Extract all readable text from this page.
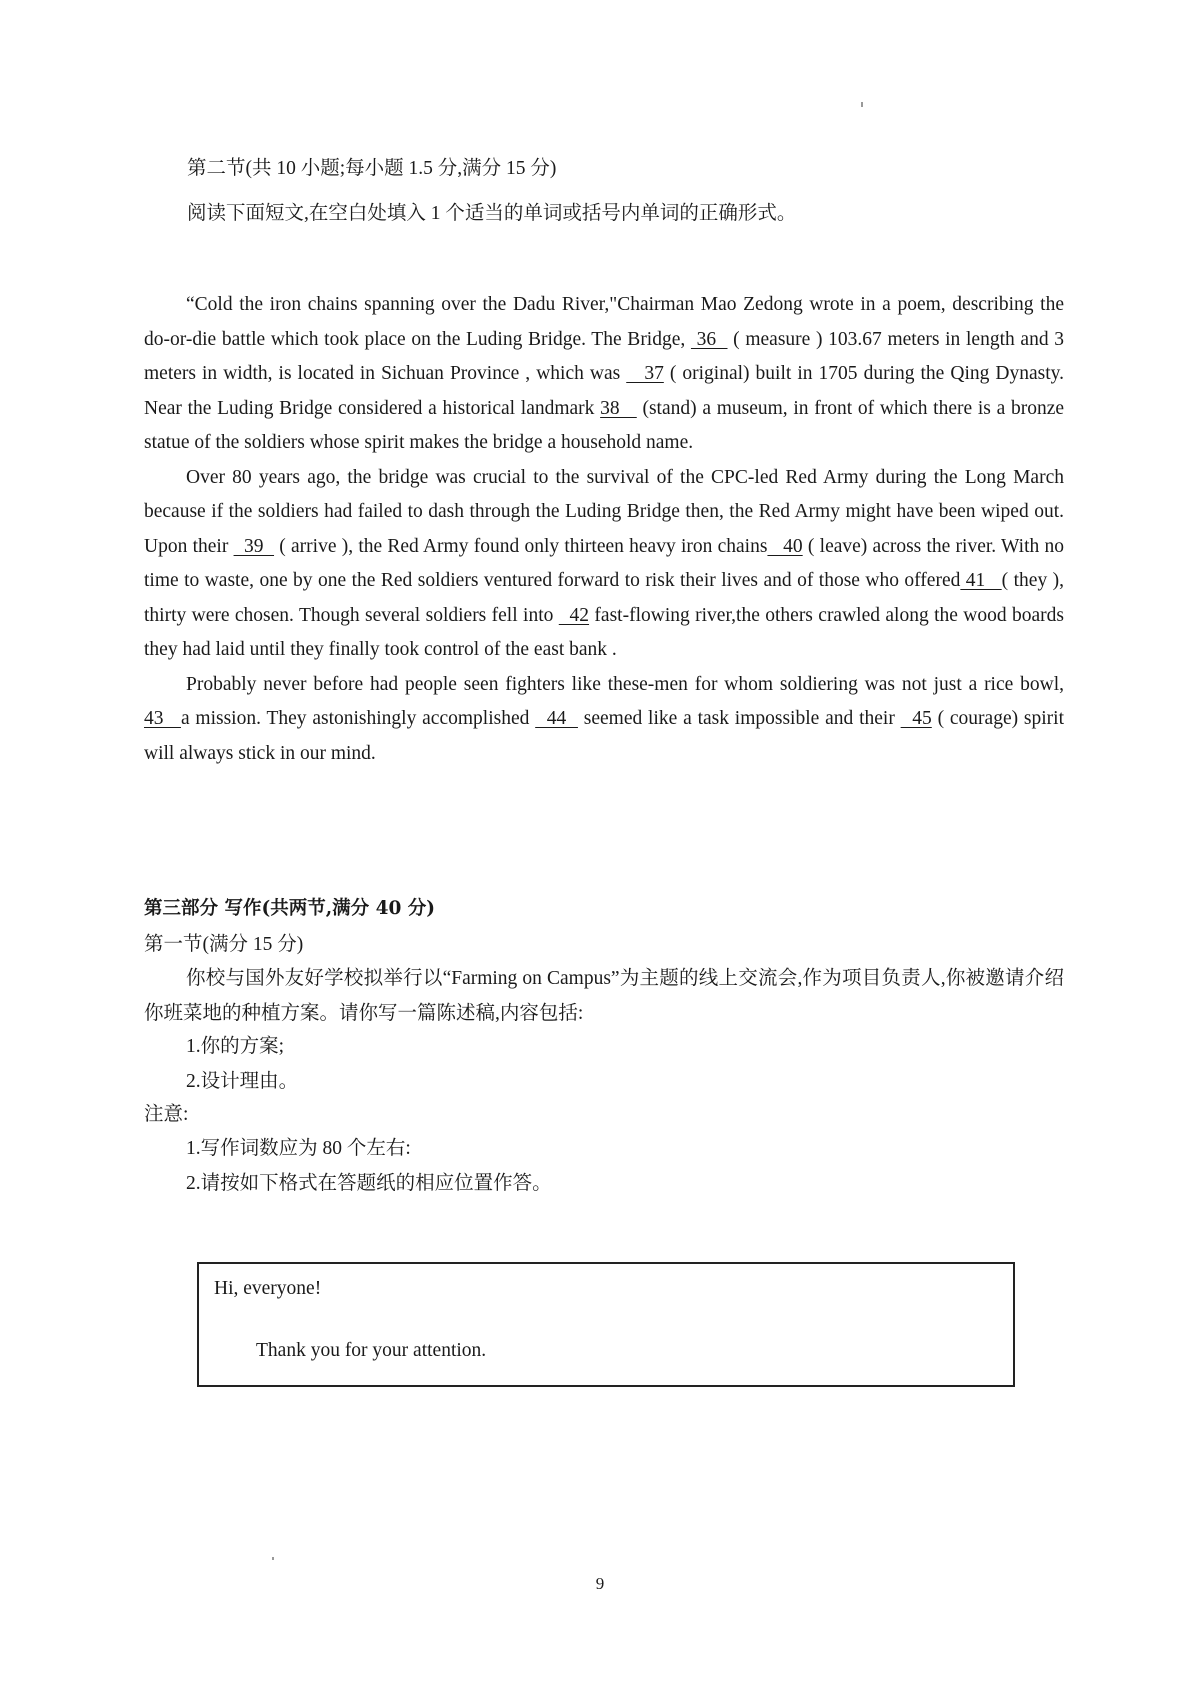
第二节(共 10 小题;每小题 1.5 分,满分 15 分)

阅读下面短文,在空白处填入 1 个适当的单词或括号内单词的正确形式。

“Cold the iron chains spanning over the Dadu River,"Chairman Mao Zedong wrote in a poem, describing the do-or-die battle which took place on the Luding Bridge. The Bridge,  36   ( measure ) 103.67 meters in length and 3 meters in width, is located in Sichuan Province , which was    37 ( original) built in 1705 during the Qing Dynasty. Near the Luding Bridge considered a historical landmark 38    (stand) a museum, in front of which there is a bronze statue of the soldiers whose spirit makes the bridge a household name.

Over 80 years ago, the bridge was crucial to the survival of the CPC-led Red Army during the Long March because if the soldiers had failed to dash through the Luding Bridge then, the Red Army might have been wiped out. Upon their   39   ( arrive ), the Red Army found only thirteen heavy iron chains   40 ( leave) across the river. With no time to waste, one by one the Red soldiers ventured forward to risk their lives and of those who offered 41   ( they ), thirty were chosen. Though several soldiers fell into   42 fast-flowing river,the others crawled along the wood boards they had laid until they finally took control of the east bank .

Probably never before had people seen fighters like these-men for whom soldiering was not just a rice bowl, 43   a mission. They astonishingly accomplished   44   seemed like a task impossible and their   45 ( courage) spirit will always stick in our mind.

第三部分 写作(共两节,满分 40 分)

第一节(满分 15 分)

你校与国外友好学校拟举行以“Farming on Campus”为主题的线上交流会,作为项目负责人,你被邀请介绍你班菜地的种植方案。请你写一篇陈述稿,内容包括:

1.你的方案;

2.设计理由。

注意:

1.写作词数应为 80 个左右:

2.请按如下格式在答题纸的相应位置作答。

Hi, everyone!
Thank you for your attention.
9
